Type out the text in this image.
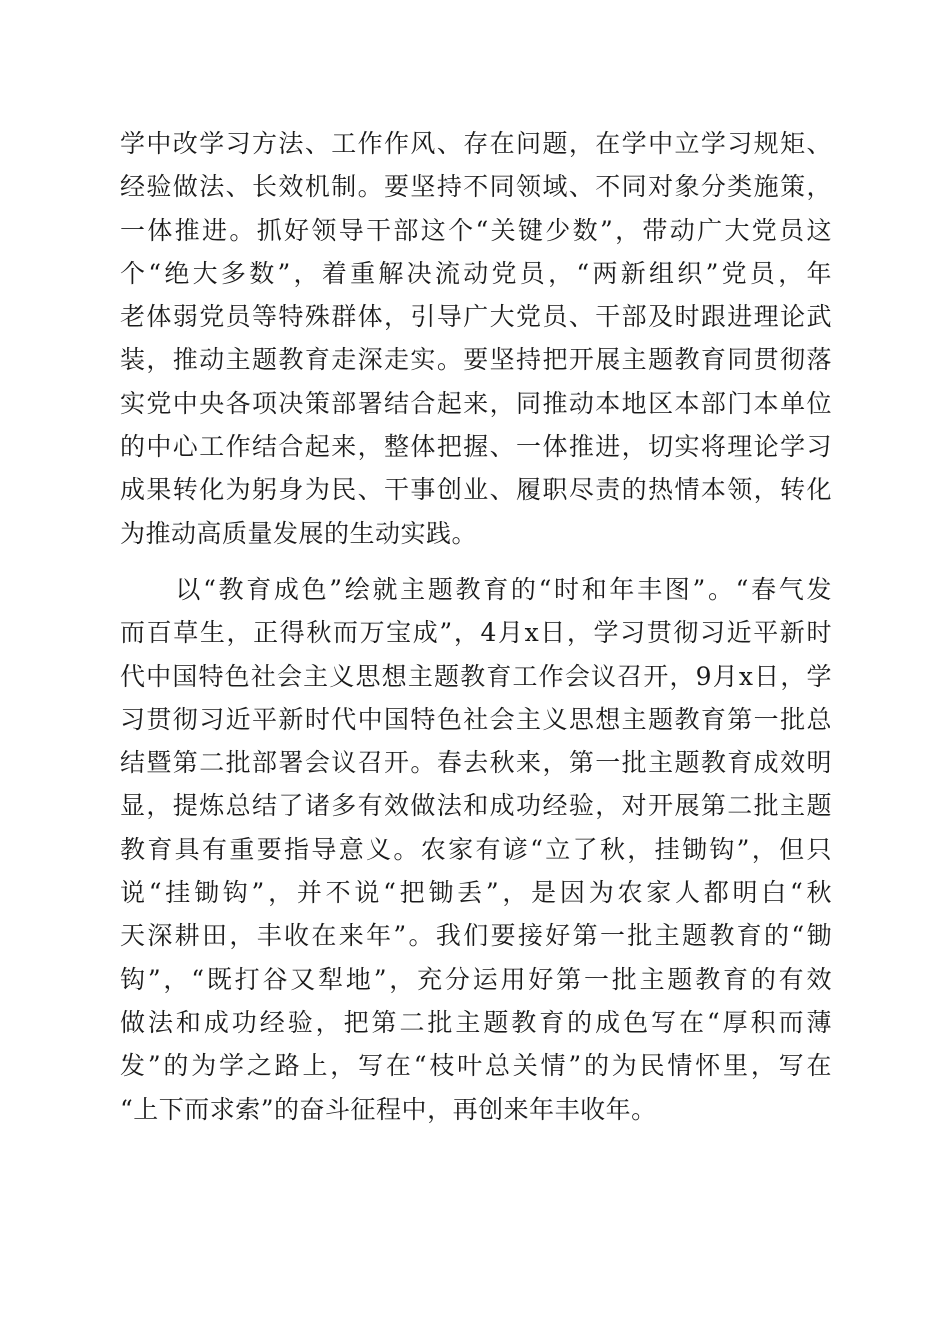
学中改学习方法、工作作风、存在问题，在学中立学习规矩、
经验做法、长效机制。要坚持不同领域、不同对象分类施策，
一体推进。抓好领导干部这个“关键少数”，带动广大党员这
个“绝大多数”，着重解决流动党员，“两新组织”党员，年
老体弱党员等特殊群体，引导广大党员、干部及时跟进理论武
装，推动主题教育走深走实。要坚持把开展主题教育同贯彻落
实党中央各项决策部署结合起来，同推动本地区本部门本单位
的中心工作结合起来，整体把握、一体推进，切实将理论学习
成果转化为躬身为民、干事创业、履职尽责的热情本领，转化
为推动高质量发展的生动实践。
　　以“教育成色”绘就主题教育的“时和年丰图”。“春气发
而百草生，正得秋而万宝成”，4月x日，学习贯彻习近平新时
代中国特色社会主义思想主题教育工作会议召开，9月x日，学
习贯彻习近平新时代中国特色社会主义思想主题教育第一批总
结暨第二批部署会议召开。春去秋来，第一批主题教育成效明
显，提炼总结了诸多有效做法和成功经验，对开展第二批主题
教育具有重要指导意义。农家有谚“立了秋，挂锄钩”，但只
说“挂锄钩”，并不说“把锄丢”，是因为农家人都明白“秋
天深耕田，丰收在来年”。我们要接好第一批主题教育的“锄
钩”，“既打谷又犁地”，充分运用好第一批主题教育的有效
做法和成功经验，把第二批主题教育的成色写在“厚积而薄
发”的为学之路上，写在“枝叶总关情”的为民情怀里，写在
“上下而求索”的奋斗征程中，再创来年丰收年。
